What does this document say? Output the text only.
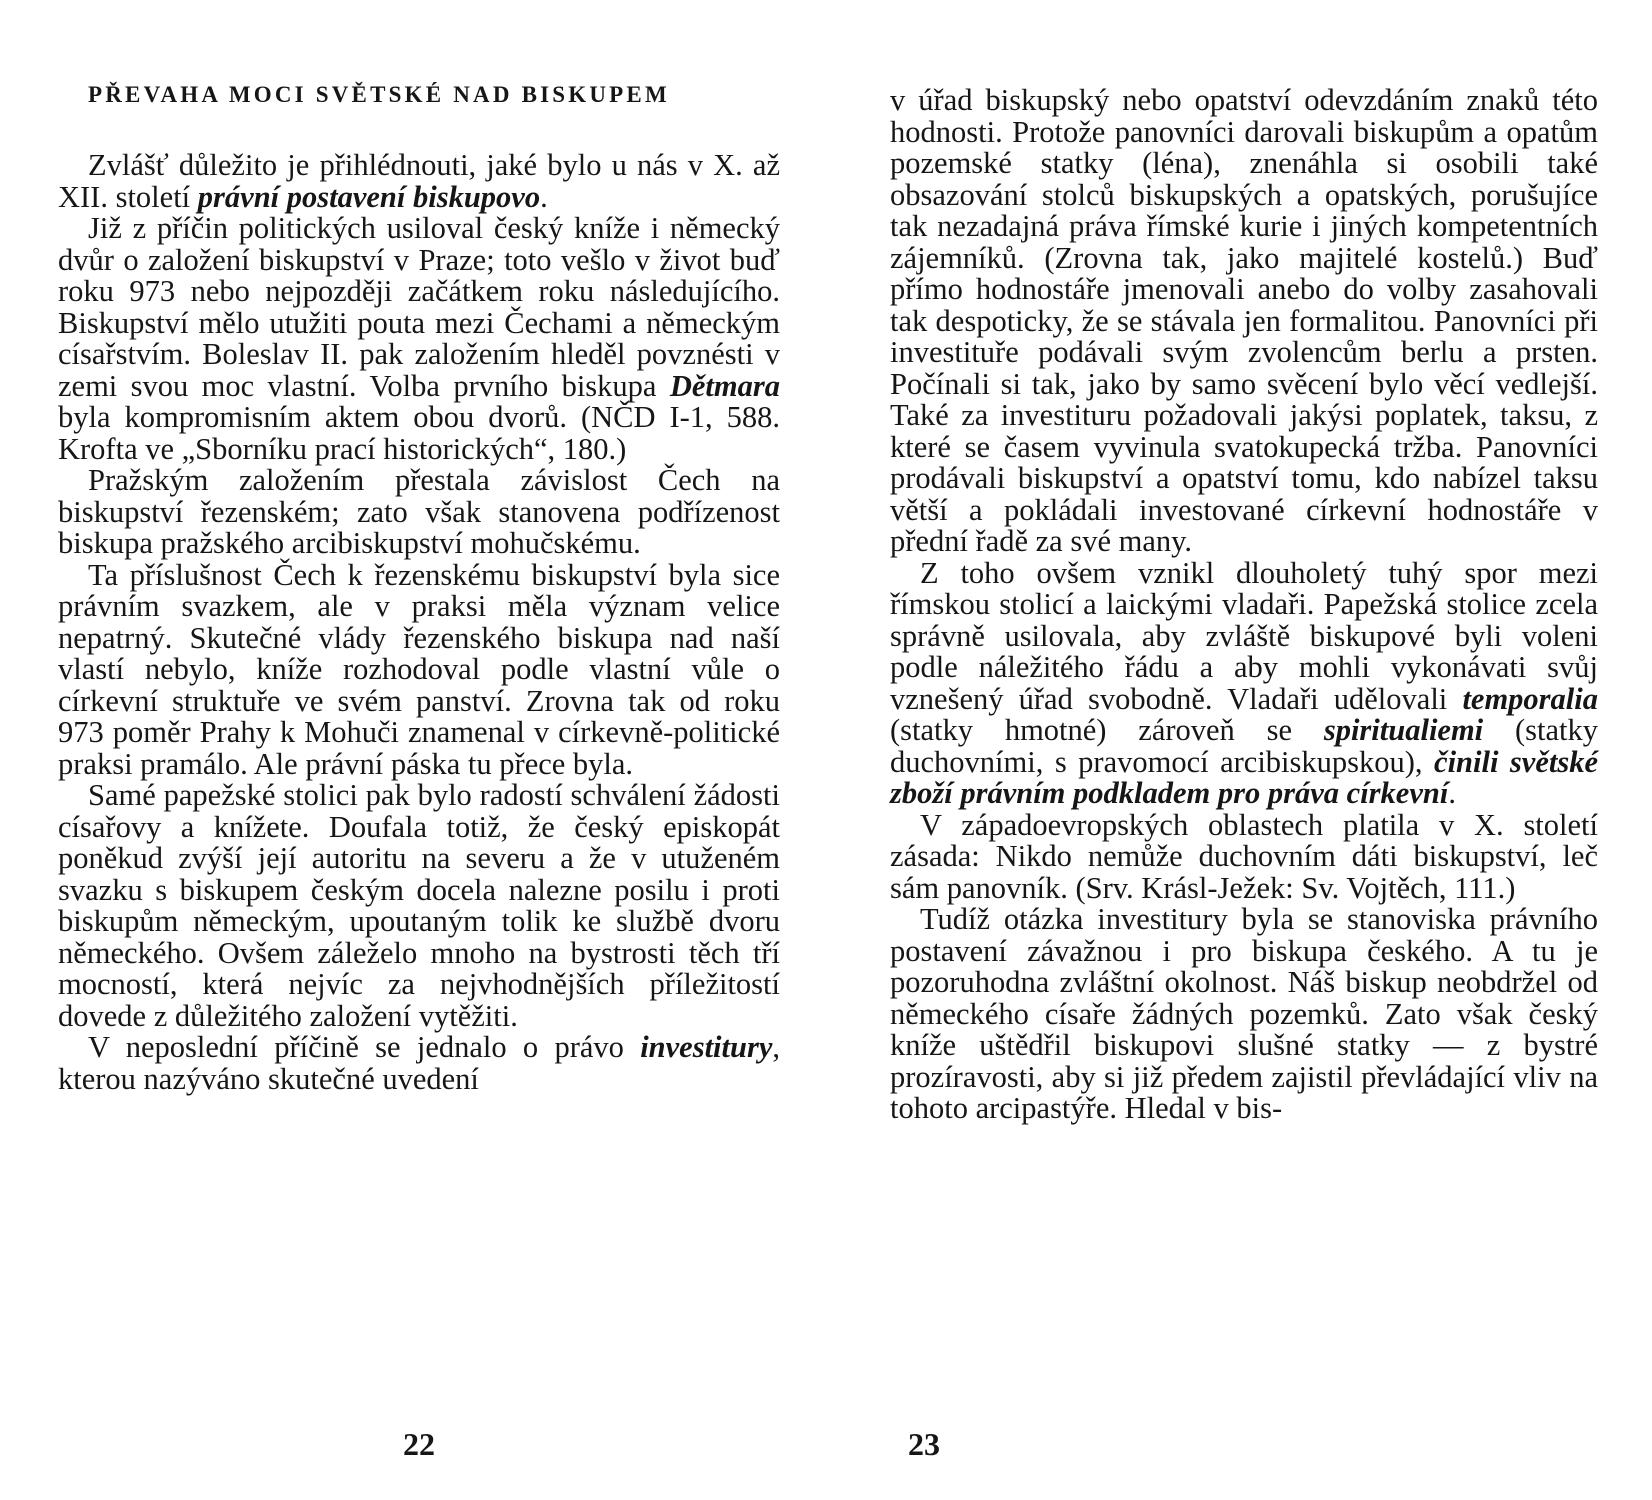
PŘEVAHA MOCI SVĚTSKÉ NAD BISKUPEM

Zvlášť důležito je přihlédnouti, jaké bylo u nás v X. až XII. století právní postavení biskupovo.

Již z příčin politických usiloval český kníže i německý dvůr o založení biskupství v Praze; toto vešlo v život buď roku 973 nebo nejpozději začátkem roku následujícího. Biskupství mělo utužiti pouta mezi Čechami a německým císařstvím. Boleslav II. pak založením hleděl povznésti v zemi svou moc vlastní. Volba prvního biskupa Dětmara byla kompromisním aktem obou dvorů. (NČD I-1, 588. Krofta ve „Sborníku prací historických“, 180.)

Pražským založením přestala závislost Čech na biskupství řezenském; zato však stanovena podřízenost biskupa pražského arcibiskupství mohučskému.

Ta příslušnost Čech k řezenskému biskupství byla sice právním svazkem, ale v praksi měla význam velice nepatrný. Skutečné vlády řezenského biskupa nad naší vlastí nebylo, kníže rozhodoval podle vlastní vůle o církevní struktuře ve svém panství. Zrovna tak od roku 973 poměr Prahy k Mohuči znamenal v církevně-politické praksi pramálo. Ale právní páska tu přece byla.

Samé papežské stolici pak bylo radostí schválení žádosti císařovy a knížete. Doufala totiž, že český episkopát poněkud zvýší její autoritu na severu a že v utuženém svazku s biskupem českým docela nalezne posilu i proti biskupům německým, upoutaným tolik ke službě dvoru německého. Ovšem záleželo mnoho na bystrosti těch tří mocností, která nejvíc za nejvhodnějších příležitostí dovede z důležitého založení vytěžiti.

V neposlední příčině se jednalo o právo investitury, kterou nazýváno skutečné uvedení

22

v úřad biskupský nebo opatství odevzdáním znaků této hodnosti. Protože panovníci darovali biskupům a opatům pozemské statky (léna), znenáhla si osobili také obsazování stolců biskupských a opatských, porušujíce tak nezadajná práva římské kurie i jiných kompetentních zájemníků. (Zrovna tak, jako majitelé kostelů.) Buď přímo hodnostáře jmenovali anebo do volby zasahovali tak despoticky, že se stávala jen formalitou. Panovníci při investituře podávali svým zvolencům berlu a prsten. Počínali si tak, jako by samo svěcení bylo věcí vedlejší. Také za investituru požadovali jakýsi poplatek, taksu, z které se časem vyvinula svatokupecká tržba. Panovníci prodávali biskupství a opatství tomu, kdo nabízel taksu větší a pokládali investované církevní hodnostáře v přední řadě za své many.

Z toho ovšem vznikl dlouholetý tuhý spor mezi římskou stolicí a laickými vladaři. Papežská stolice zcela správně usilovala, aby zvláště biskupové byli voleni podle náležitého řádu a aby mohli vykonávati svůj vznešený úřad svobodně. Vladaři udělovali temporalia (statky hmotné) zároveň se spiritualiemi (statky duchovními, s pravomocí arcibiskupskou), činili světské zboží právním podkladem pro práva církevní.

V západoevropských oblastech platila v X. století zásada: Nikdo nemůže duchovním dáti biskupství, leč sám panovník. (Srv. Krásl-Ježek: Sv. Vojtěch, 111.)

Tudíž otázka investitury byla se stanoviska právního postavení závažnou i pro biskupa českého. A tu je pozoruhodna zvláštní okolnost. Náš biskup neobdržel od německého císaře žádných pozemků. Zato však český kníže uštědřil biskupovi slušné statky — z bystré prozíravosti, aby si již předem zajistil převládající vliv na tohoto arcipastýře. Hledal v bis-

23
